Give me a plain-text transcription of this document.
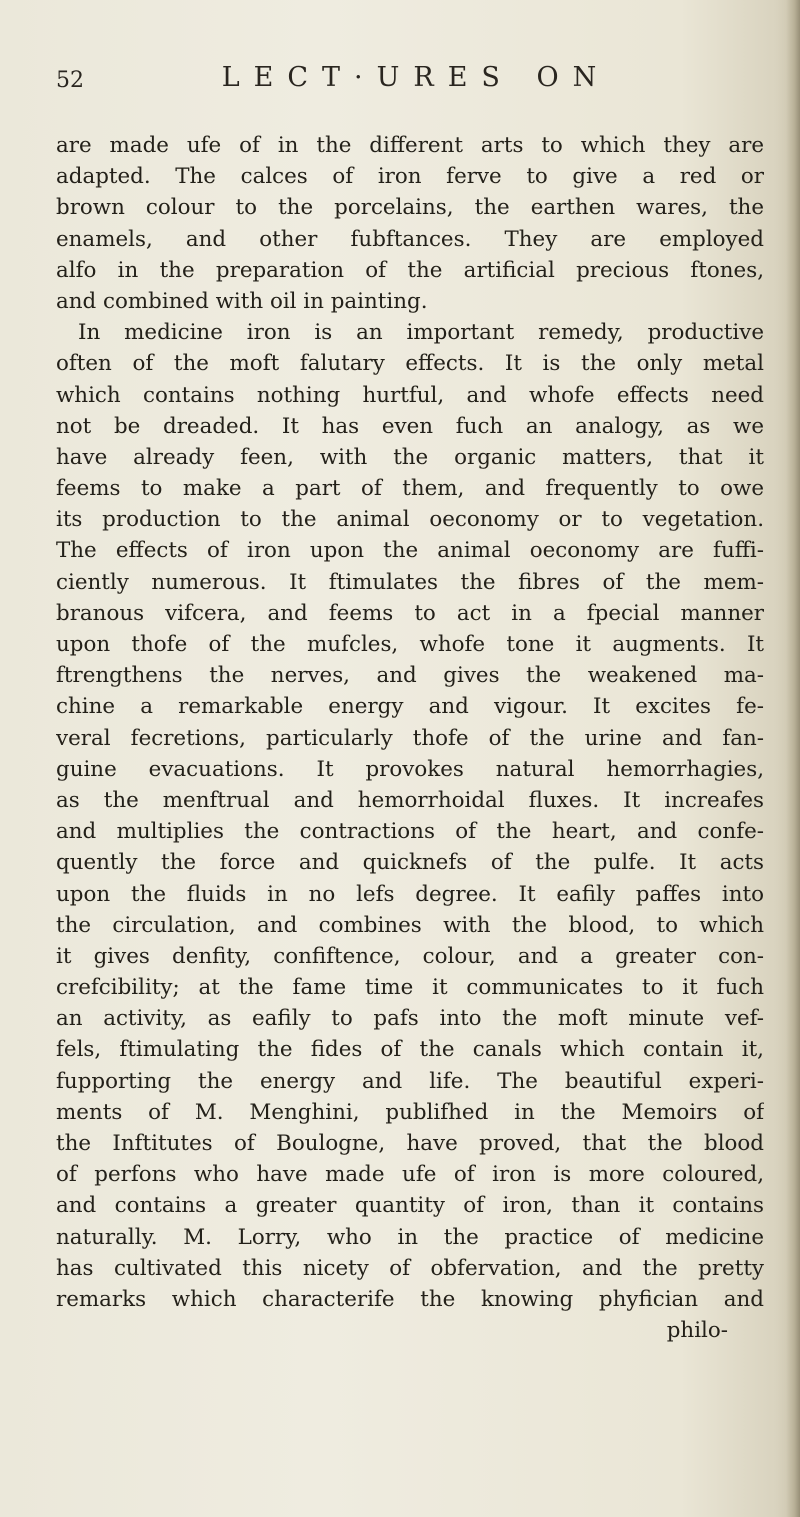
52	LECT·URES ON
are made ufe of in the different arts to which they are
adapted. The calces of iron ferve to give a red or
brown colour to the porcelains, the earthen wares, the
enamels, and other fubftances. They are employed
alfo in the preparation of the artificial precious ftones,
and combined with oil in painting.
In medicine iron is an important remedy, productive
often of the moft falutary effects. It is the only metal
which contains nothing hurtful, and whofe effects need
not be dreaded. It has even fuch an analogy, as we
have already feen, with the organic matters, that it
feems to make a part of them, and frequently to owe
its production to the animal oeconomy or to vegetation.
The effects of iron upon the animal oeconomy are fuffi-
ciently numerous. It ftimulates the fibres of the mem-
branous vifcera, and feems to act in a fpecial manner
upon thofe of the mufcles, whofe tone it augments. It
ftrengthens the nerves, and gives the weakened ma-
chine a remarkable energy and vigour. It excites fe-
veral fecretions, particularly thofe of the urine and fan-
guine evacuations. It provokes natural hemorrhagies,
as the menftrual and hemorrhoidal fluxes. It increafes
and multiplies the contractions of the heart, and confe-
quently the force and quicknefs of the pulfe. It acts
upon the fluids in no lefs degree. It eafily paffes into
the circulation, and combines with the blood, to which
it gives denfity, confiftence, colour, and a greater con-
crefcibility; at the fame time it communicates to it fuch
an activity, as eafily to pafs into the moft minute vef-
fels, ftimulating the fides of the canals which contain it,
fupporting the energy and life. The beautiful experi-
ments of M. Menghini, publifhed in the Memoirs of
the Inftitutes of Boulogne, have proved, that the blood
of perfons who have made ufe of iron is more coloured,
and contains a greater quantity of iron, than it contains
naturally. M. Lorry, who in the practice of medicine
has cultivated this nicety of obfervation, and the pretty
remarks which characterife the knowing phyfician and
philo-
